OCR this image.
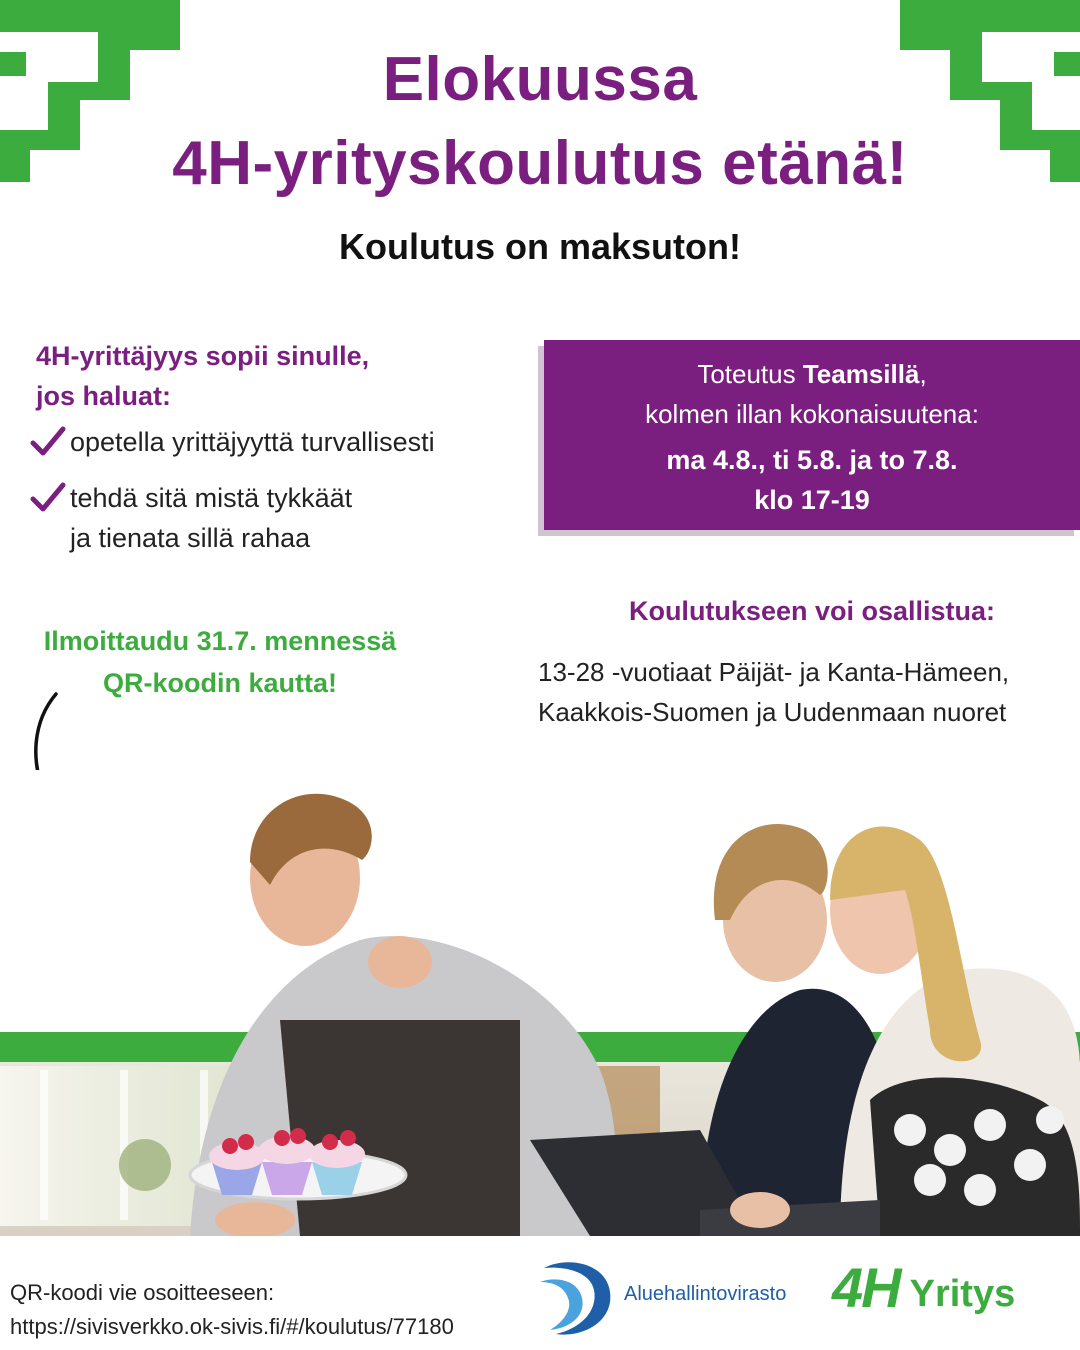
Elokuussa
4H-yrityskoulutus etänä!
Koulutus on maksuton!
4H-yrittäjyys sopii sinulle,
jos haluat:
opetella yrittäjyyttä turvallisesti
tehdä sitä mistä tykkäät
ja tienata sillä rahaa
Toteutus Teamsillä,
kolmen illan kokonaisuutena:
ma 4.8., ti 5.8. ja to 7.8.
klo 17-19
Koulutukseen voi osallistua:
13-28 -vuotiaat Päijät- ja Kanta-Hämeen,
Kaakkois-Suomen ja Uudenmaan nuoret
Ilmoittaudu 31.7. mennessä
QR-koodin kautta!
QR-koodi vie osoitteeseen:
https://sivisverkko.ok-sivis.fi/#/koulutus/77180
Aluehallintovirasto 4H Yritys
